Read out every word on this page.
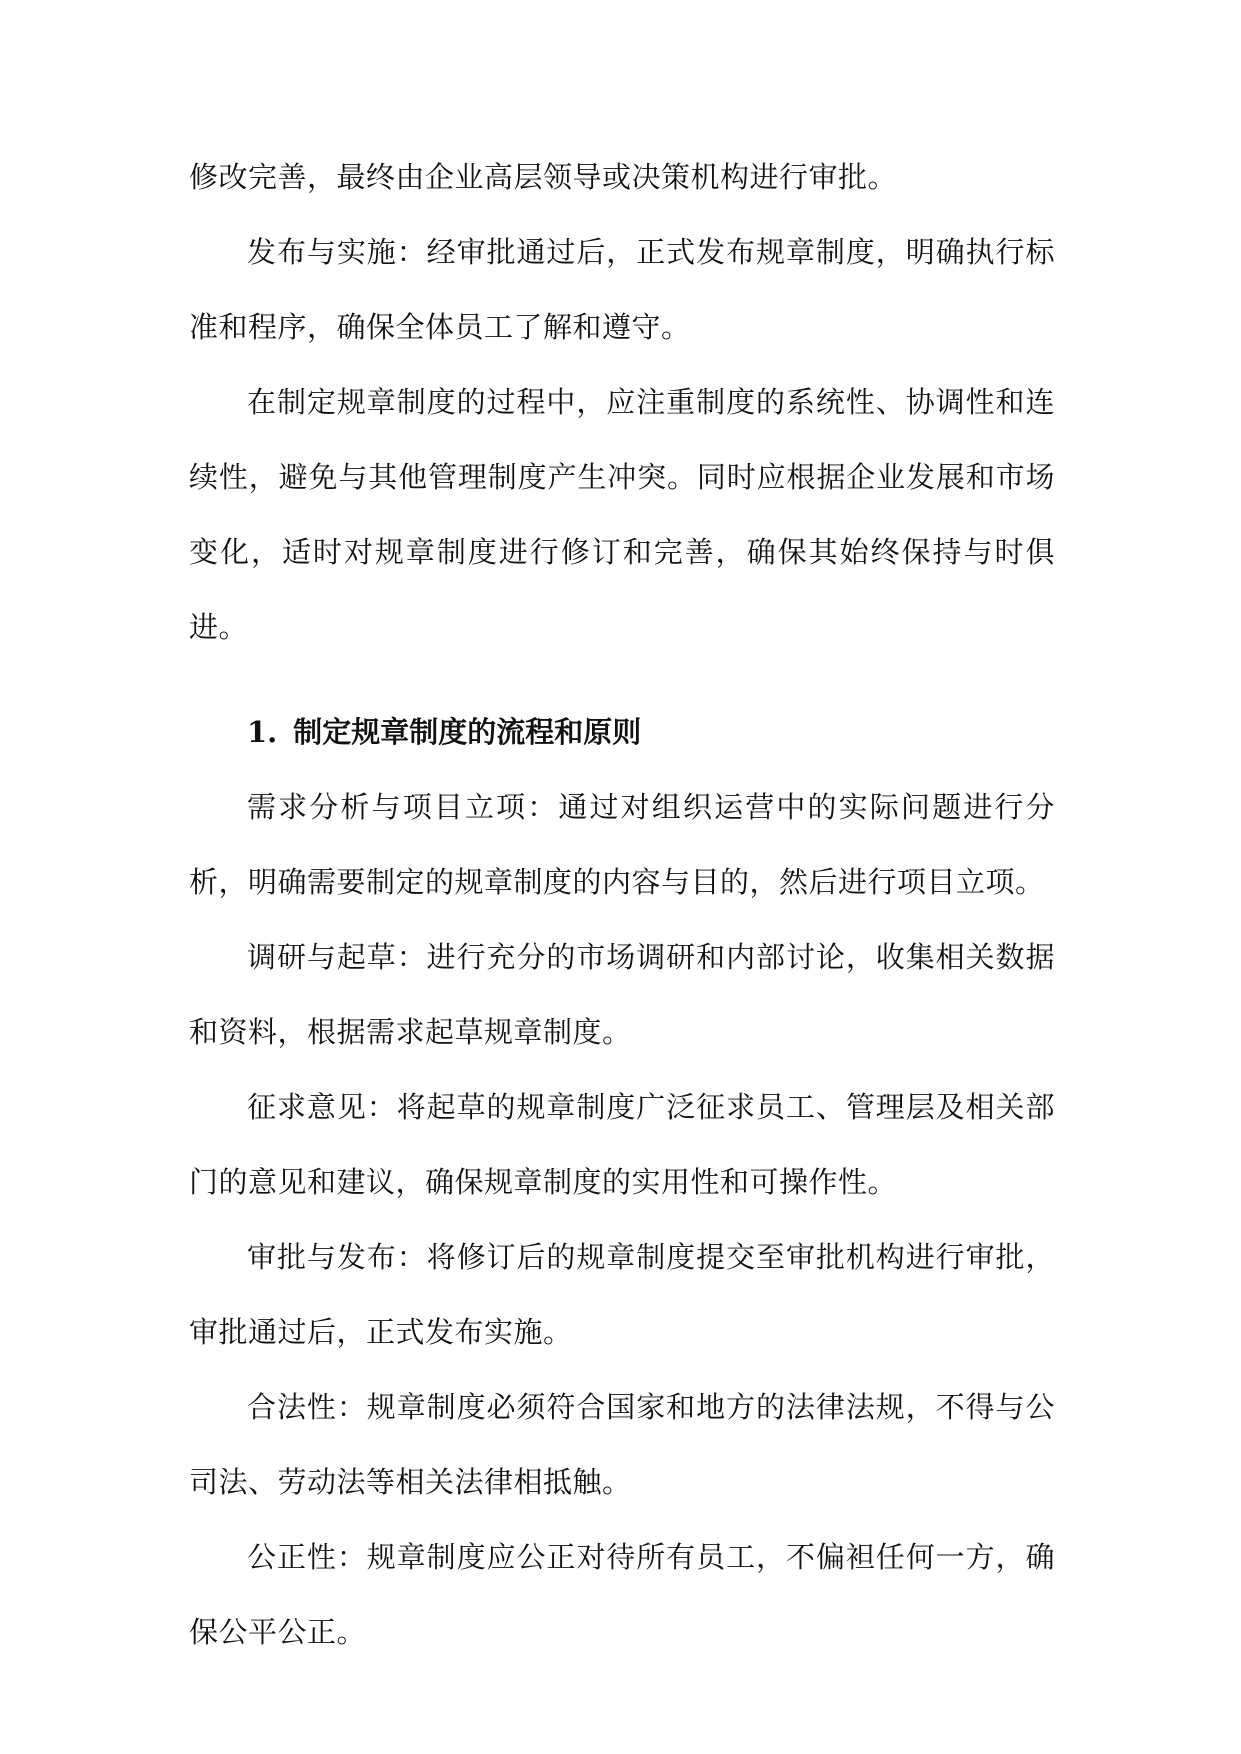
修改完善，最终由企业高层领导或决策机构进行审批。

发布与实施：经审批通过后，正式发布规章制度，明确执行标准和程序，确保全体员工了解和遵守。

在制定规章制度的过程中，应注重制度的系统性、协调性和连续性，避免与其他管理制度产生冲突。同时应根据企业发展和市场变化，适时对规章制度进行修订和完善，确保其始终保持与时俱进。

1. 制定规章制度的流程和原则

需求分析与项目立项：通过对组织运营中的实际问题进行分析，明确需要制定的规章制度的内容与目的，然后进行项目立项。

调研与起草：进行充分的市场调研和内部讨论，收集相关数据和资料，根据需求起草规章制度。

征求意见：将起草的规章制度广泛征求员工、管理层及相关部门的意见和建议，确保规章制度的实用性和可操作性。

审批与发布：将修订后的规章制度提交至审批机构进行审批，审批通过后，正式发布实施。

合法性：规章制度必须符合国家和地方的法律法规，不得与公司法、劳动法等相关法律相抵触。

公正性：规章制度应公正对待所有员工，不偏袒任何一方，确保公平公正。
